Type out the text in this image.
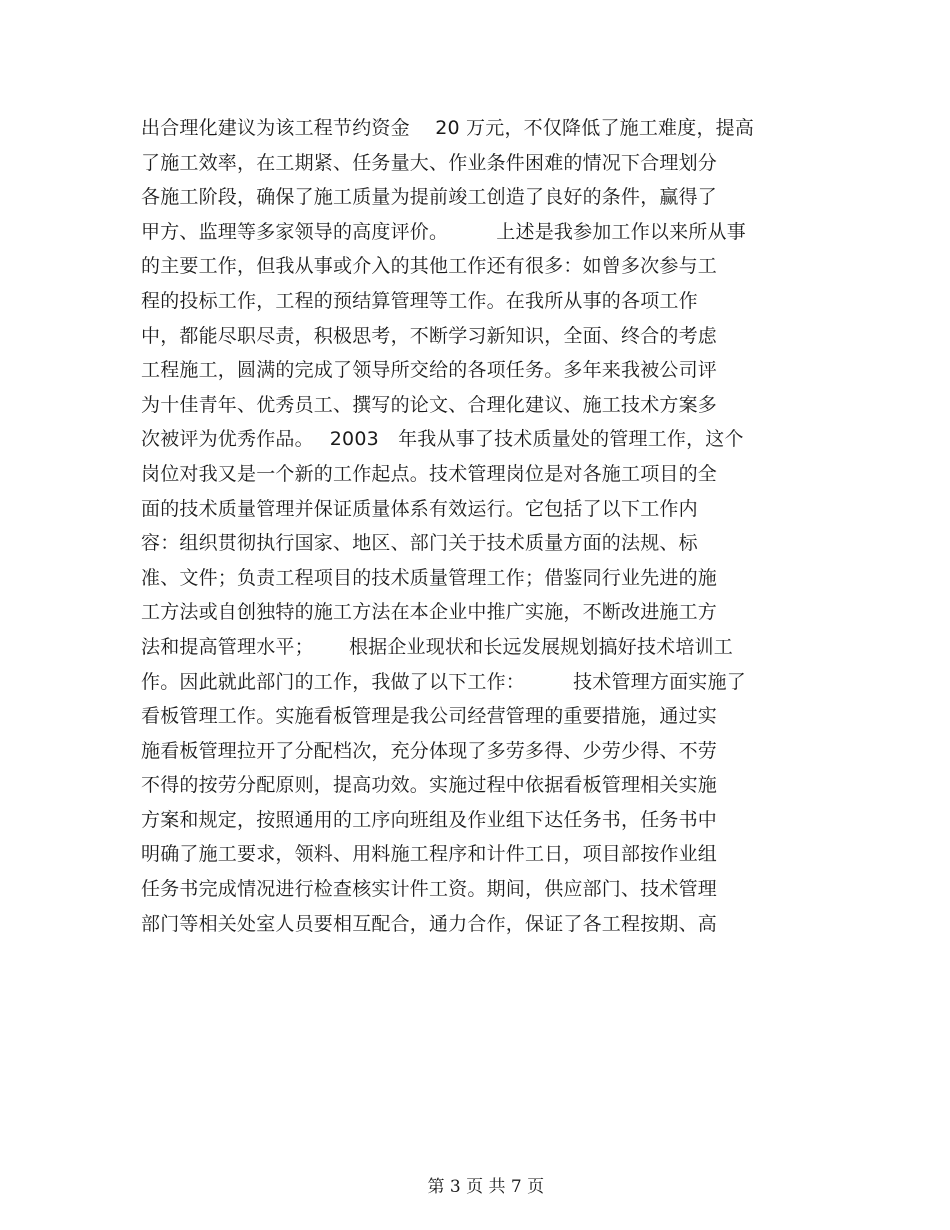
出合理化建议为该工程节约资金　 20 万元，不仅降低了施工难度，提高
了施工效率，在工期紧、任务量大、作业条件困难的情况下合理划分
各施工阶段，确保了施工质量为提前竣工创造了良好的条件，赢得了
甲方、监理等多家领导的高度评价。　　　上述是我参加工作以来所从事
的主要工作，但我从事或介入的其他工作还有很多：如曾多次参与工
程的投标工作，工程的预结算管理等工作。在我所从事的各项工作
中，都能尽职尽责，积极思考，不断学习新知识，全面、终合的考虑
工程施工，圆满的完成了领导所交给的各项任务。多年来我被公司评
为十佳青年、优秀员工、撰写的论文、合理化建议、施工技术方案多
次被评为优秀作品。　 2003　年我从事了技术质量处的管理工作，这个
岗位对我又是一个新的工作起点。技术管理岗位是对各施工项目的全
面的技术质量管理并保证质量体系有效运行。它包括了以下工作内
容：组织贯彻执行国家、地区、部门关于技术质量方面的法规、标
准、文件；负责工程项目的技术质量管理工作；借鉴同行业先进的施
工方法或自创独特的施工方法在本企业中推广实施，不断改进施工方
法和提高管理水平；　　 根据企业现状和长远发展规划搞好技术培训工
作。因此就此部门的工作，我做了以下工作：　　　技术管理方面实施了
看板管理工作。实施看板管理是我公司经营管理的重要措施，通过实
施看板管理拉开了分配档次，充分体现了多劳多得、少劳少得、不劳
不得的按劳分配原则，提高功效。实施过程中依据看板管理相关实施
方案和规定，按照通用的工序向班组及作业组下达任务书，任务书中
明确了施工要求，领料、用料施工程序和计件工日，项目部按作业组
任务书完成情况进行检查核实计件工资。期间，供应部门、技术管理
部门等相关处室人员要相互配合，通力合作，保证了各工程按期、高

第 3 页 共 7 页
